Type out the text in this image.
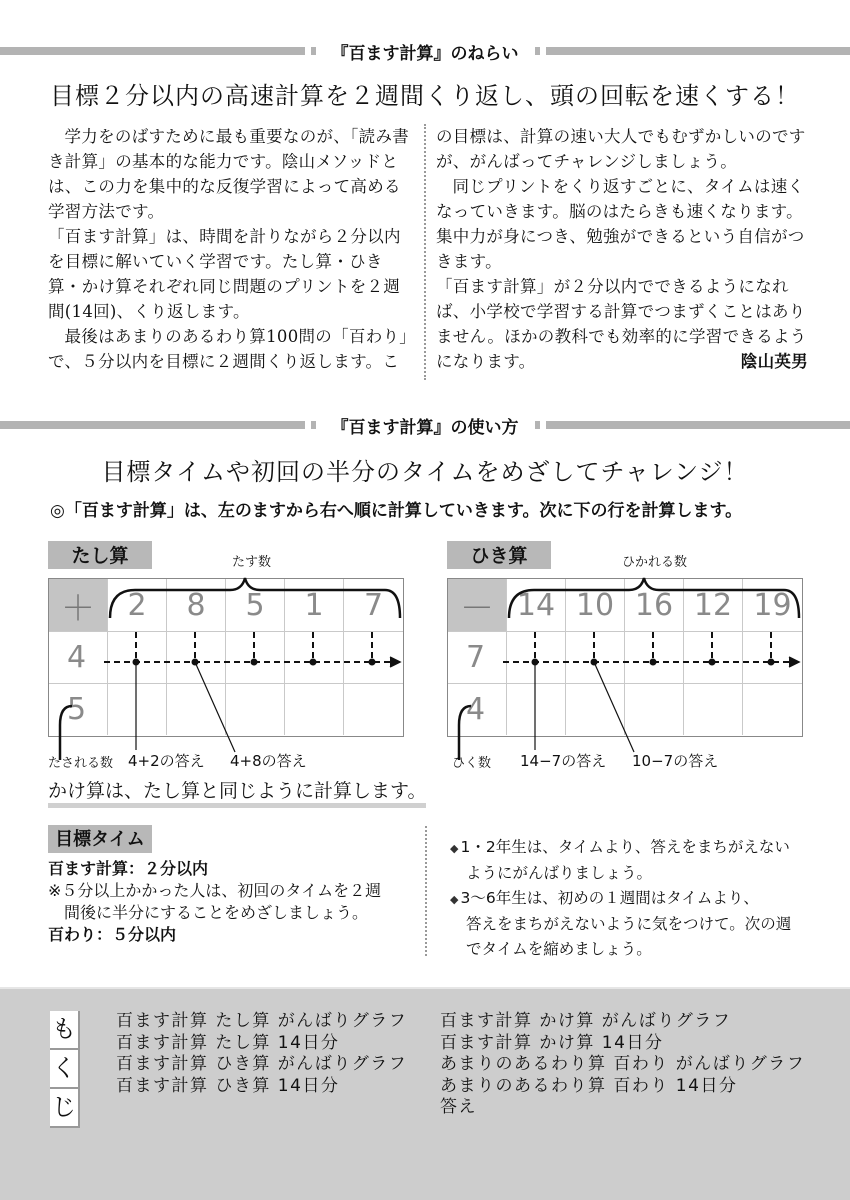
『百ます計算』のねらい
目標２分以内の高速計算を２週間くり返し、頭の回転を速くする！

学力をのばすために最も重要なのが、「読み書き計算」の基本的な能力です。陰山メソッドとは、この力を集中的な反復学習によって高める学習方法です。

「百ます計算」は、時間を計りながら２分以内を目標に解いていく学習です。たし算・ひき算・かけ算それぞれ同じ問題のプリントを２週間(14回)、くり返します。

最後はあまりのあるわり算100問の「百わり」で、５分以内を目標に２週間くり返します。こ

の目標は、計算の速い大人でもむずかしいのですが、がんばってチャレンジしましょう。

同じプリントをくり返すごとに、タイムは速くなっていきます。脳のはたらきも速くなります。集中力が身につき、勉強ができるという自信がつきます。

「百ます計算」が２分以内でできるようになれば、小学校で学習する計算でつまずくことはありません。ほかの教科でも効率的に学習できるようになります。	陰山英男

『百ます計算』の使い方
目標タイムや初回の半分のタイムをめざしてチャレンジ！
◎「百ます計算」は、左のますから右へ順に計算していきます。次に下の行を計算します。
たし算	たす数
＋	2	8	5	1	7
4
5
たされる数 4+2の答え 4+8の答え
ひき算	ひかれる数
－ 14 10 16 12 19
7
4
ひく数 14−7の答え 10−7の答え
かけ算は、たし算と同じように計算します。
目標タイム
百ます計算：２分以内
※５分以上かかった人は、初回のタイムを２週
間後に半分にすることをめざしましょう。
百わり：５分以内
◆ 1・2年生は、タイムより、答えをまちがえない
ようにがんばりましょう。
◆ 3～6年生は、初めの１週間はタイムより、
答えをまちがえないように気をつけて。次の週
でタイムを縮めましょう。
も
く
じ
百ます計算 たし算 がんばりグラフ
百ます計算 たし算 14日分
百ます計算 ひき算 がんばりグラフ
百ます計算 ひき算 14日分
百ます計算 かけ算 がんばりグラフ
百ます計算 かけ算 14日分
あまりのあるわり算 百わり がんばりグラフ
あまりのあるわり算 百わり 14日分
答え
